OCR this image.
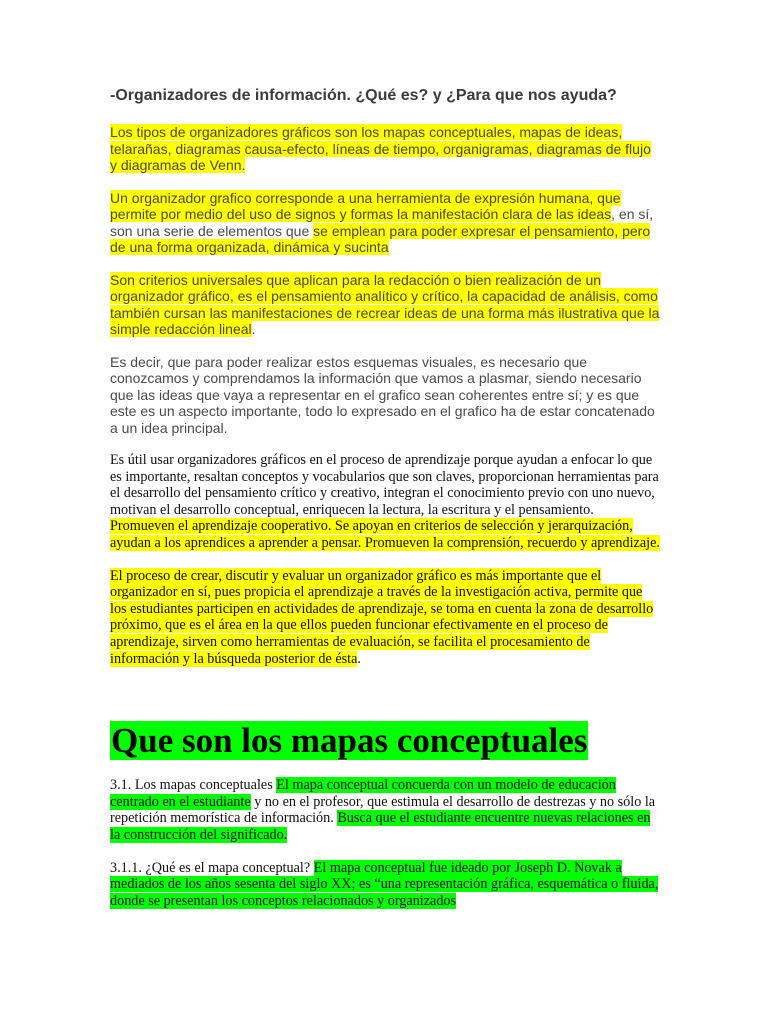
-Organizadores de información. ¿Qué es? y ¿Para que nos ayuda?

Los tipos de organizadores gráficos son los mapas conceptuales, mapas de ideas, telarañas, diagramas causa-efecto, líneas de tiempo, organigramas, diagramas de flujo y diagramas de Venn.

Un organizador grafico corresponde a una herramienta de expresión humana, que permite por medio del uso de signos y formas la manifestación clara de las ideas, en sí, son una serie de elementos que se emplean para poder expresar el pensamiento, pero de una forma organizada, dinámica y sucinta

Son criterios universales que aplican para la redacción o bien realización de un organizador gráfico, es el pensamiento analítico y crítico, la capacidad de análisis, como también cursan las manifestaciones de recrear ideas de una forma más ilustrativa que la simple redacción lineal.

Es decir, que para poder realizar estos esquemas visuales, es necesario que conozcamos y comprendamos la información que vamos a plasmar, siendo necesario que las ideas que vaya a representar en el grafico sean coherentes entre sí; y es que este es un aspecto importante, todo lo expresado en el grafico ha de estar concatenado a un idea principal.

Es útil usar organizadores gráficos en el proceso de aprendizaje porque ayudan a enfocar lo que es importante, resaltan conceptos y vocabularios que son claves, proporcionan herramientas para el desarrollo del pensamiento crítico y creativo, integran el conocimiento previo con uno nuevo, motivan el desarrollo conceptual, enriquecen la lectura, la escritura y el pensamiento. Promueven el aprendizaje cooperativo. Se apoyan en criterios de selección y jerarquización, ayudan a los aprendices a aprender a pensar. Promueven la comprensión, recuerdo y aprendizaje.

El proceso de crear, discutir y evaluar un organizador gráfico es más importante que el organizador en sí, pues propicia el aprendizaje a través de la investigación activa, permite que los estudiantes participen en actividades de aprendizaje, se toma en cuenta la zona de desarrollo próximo, que es el área en la que ellos pueden funcionar efectivamente en el proceso de aprendizaje, sirven como herramientas de evaluación, se facilita el procesamiento de información y la búsqueda posterior de ésta.

Que son los mapas conceptuales

3.1. Los mapas conceptuales El mapa conceptual concuerda con un modelo de educación centrado en el estudiante y no en el profesor, que estimula el desarrollo de destrezas y no sólo la repetición memorística de información. Busca que el estudiante encuentre nuevas relaciones en la construcción del significado.

3.1.1. ¿Qué es el mapa conceptual? El mapa conceptual fue ideado por Joseph D. Novak a mediados de los años sesenta del siglo XX; es “una representación gráfica, esquemática o fluida, donde se presentan los conceptos relacionados y organizados
